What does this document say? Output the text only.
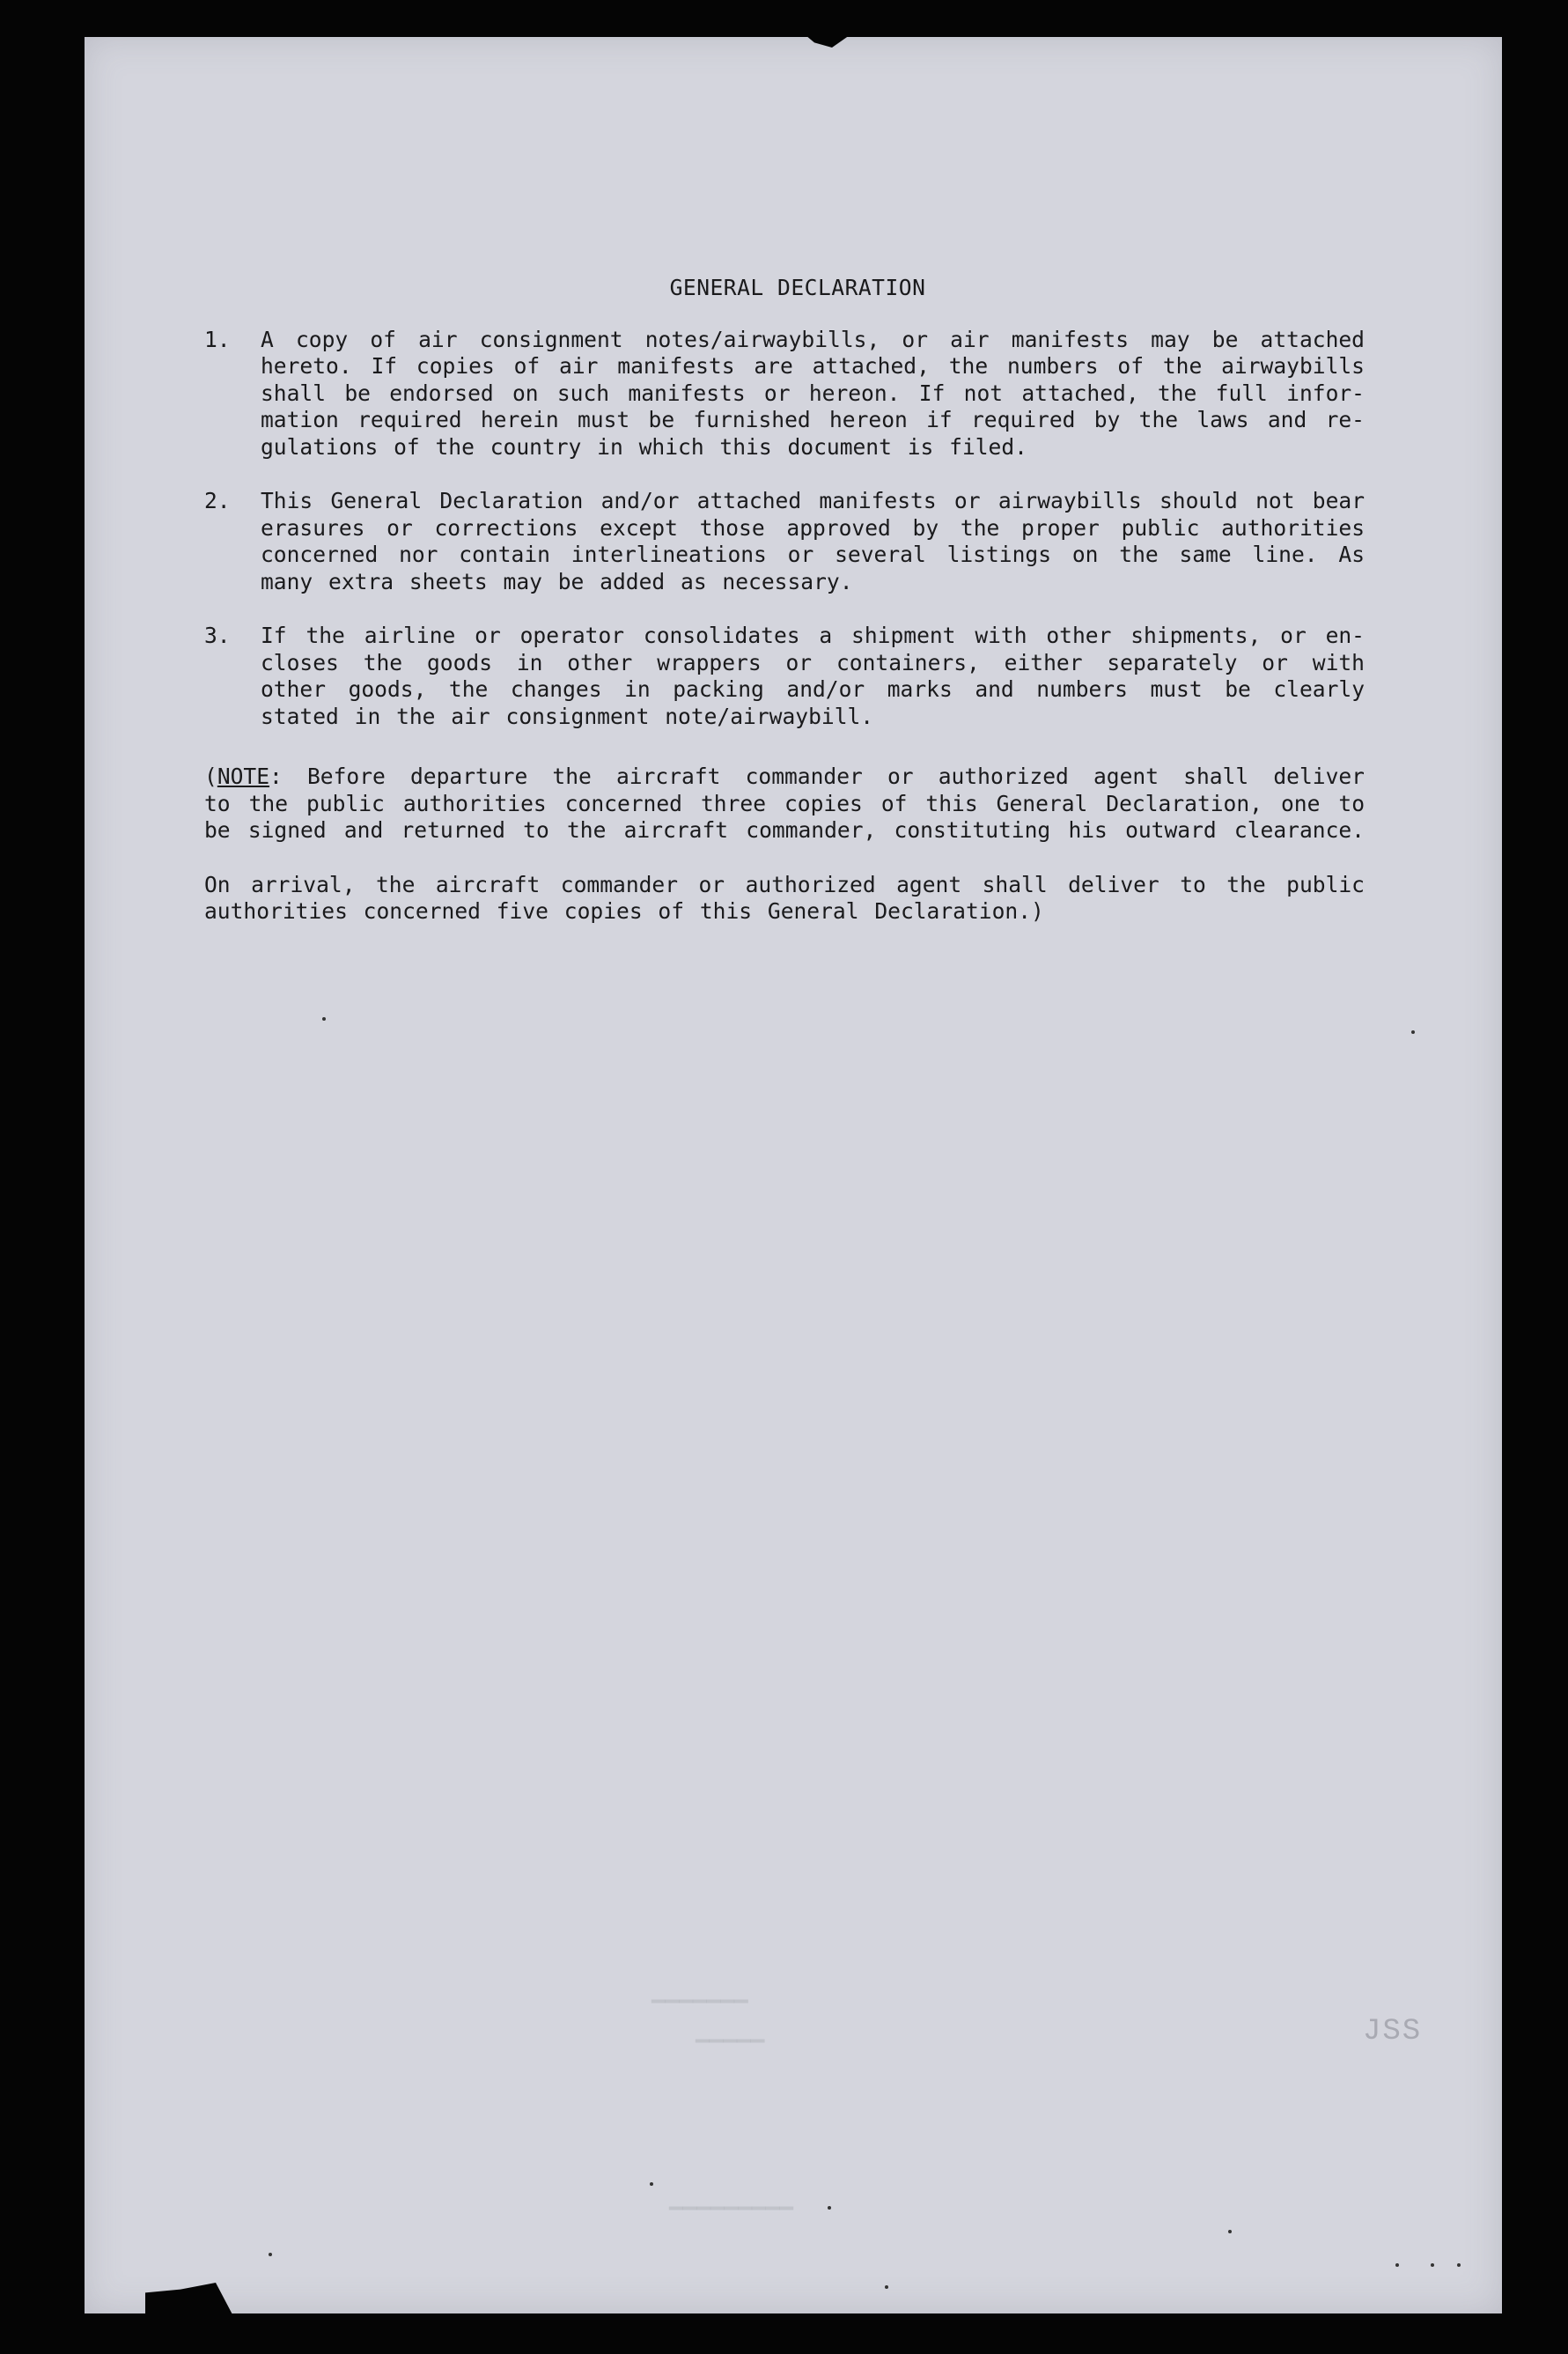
▁▁▁▁▁▁▁
▁▁▁▁▁
▁▁▁▁▁▁▁▁▁
JSS
GENERAL DECLARATION
1.	A copy of air consignment notes/airwaybills, or air manifests may be attached
hereto. If copies of air manifests are attached, the numbers of the airwaybills
shall be endorsed on such manifests or hereon. If not attached, the full infor-
mation required herein must be furnished hereon if required by the laws and re-
gulations of the country in which this document is filed.
2.	This General Declaration and/or attached manifests or airwaybills should not bear
erasures or corrections except those approved by the proper public authorities
concerned nor contain interlineations or several listings on the same line. As
many extra sheets may be added as necessary.
3.	If the airline or operator consolidates a shipment with other shipments, or en-
closes the goods in other wrappers or containers, either separately or with
other goods, the changes in packing and/or marks and numbers must be clearly
stated in the air consignment note/airwaybill.
(NOTE: Before departure the aircraft commander or authorized agent shall deliver
to the public authorities concerned three copies of this General Declaration, one to
be signed and returned to the aircraft commander, constituting his outward clearance.
On arrival, the aircraft commander or authorized agent shall deliver to the public
authorities concerned five copies of this General Declaration.)
